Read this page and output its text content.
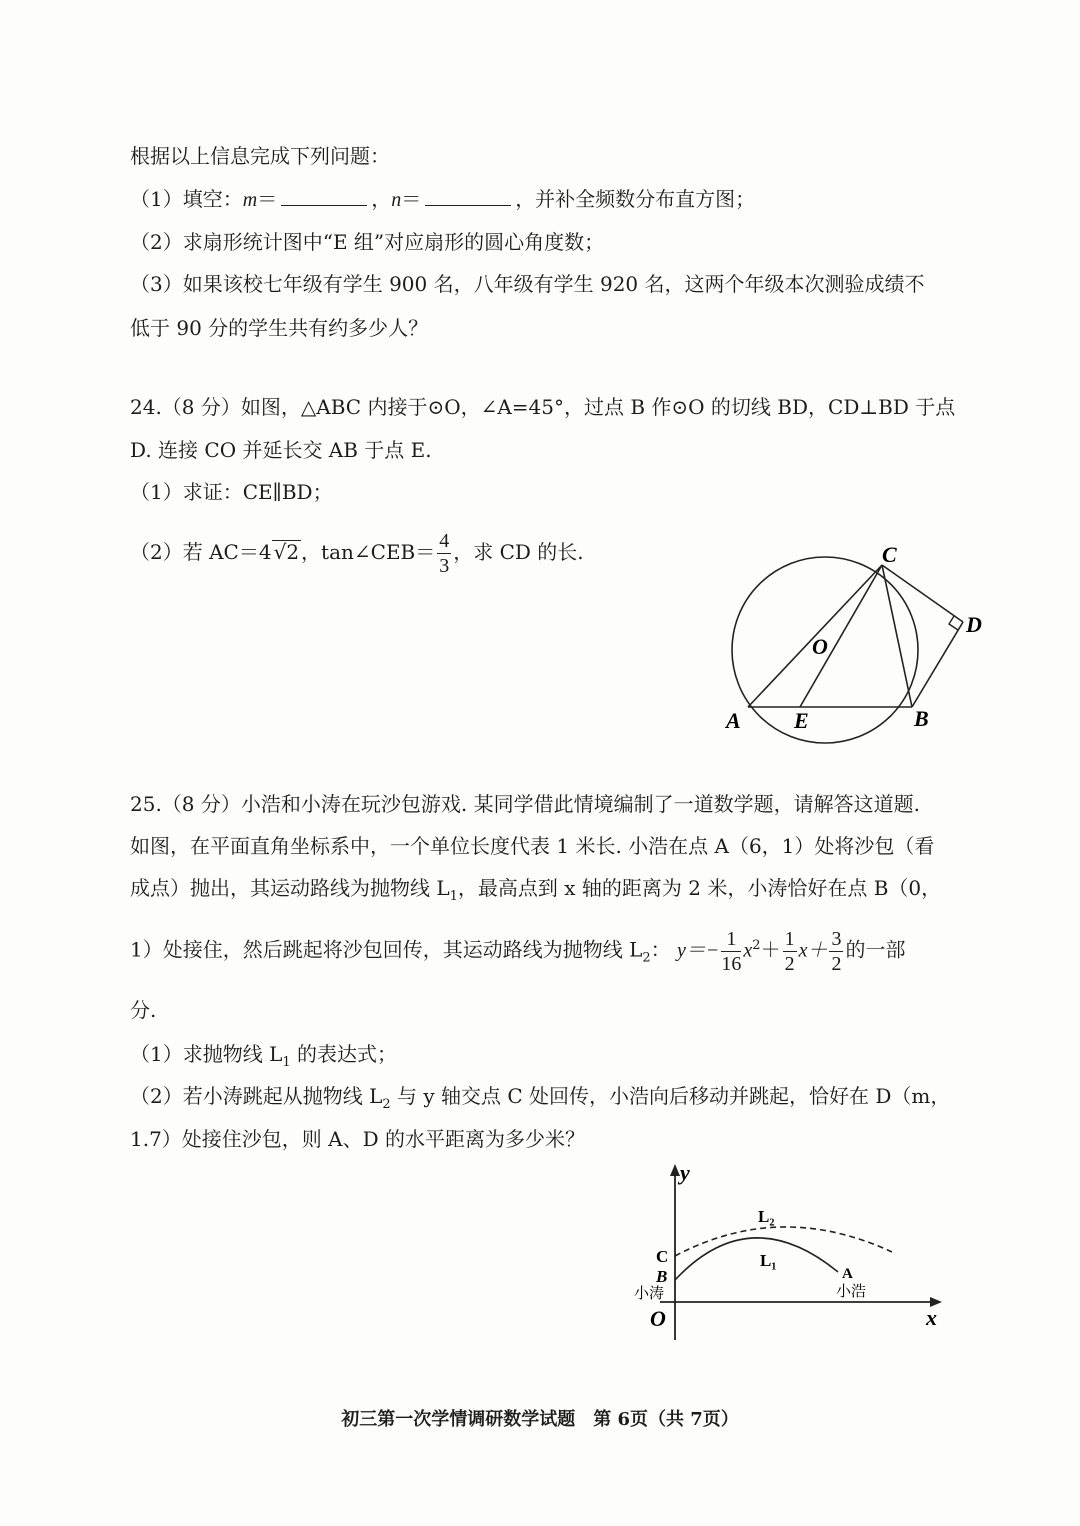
根据以上信息完成下列问题：
（1）填空：m＝	，n＝	，并补全频数分布直方图；
（2）求扇形统计图中“E 组”对应扇形的圆心角度数；
（3）如果该校七年级有学生 900 名，八年级有学生 920 名，这两个年级本次测验成绩不
低于 90 分的学生共有约多少人？
24.（8 分）如图，△ABC 内接于⊙O，∠A=45°，过点 B 作⊙O 的切线 BD，CD⊥BD 于点
D. 连接 CO 并延长交 AB 于点 E.
（1）求证：CE∥BD；
（2）若 AC＝4 √2 ，tan∠CEB＝ $\frac{4}{3}$ ，求 CD 的长.	C
D
O
A E	B
25.（8 分）小浩和小涛在玩沙包游戏. 某同学借此情境编制了一道数学题，请解答这道题.
如图，在平面直角坐标系中，一个单位长度代表 1 米长. 小浩在点 A（6，1）处将沙包（看
成点）抛出，其运动路线为抛物线 $L_1$，最高点到 x 轴的距离为 2 米，小涛恰好在点 B（0，
1）处接住，然后跳起将沙包回传，其运动路线为抛物线 $L_2$： $y=- \frac{1}{16} x^2+ \frac{1}{2} x+ \frac{3}{2}$ 的一部
分.
（1）求抛物线 $L_1$ 的表达式；
（2）若小涛跳起从抛物线 $L_2$ 与 y 轴交点 C 处回传，小浩向后移动并跳起，恰好在 D（m，
1.7）处接住沙包，则 A、D 的水平距离为多少米？
y
x
O
L₂
L₁
C
B	A
小涛	小浩
初三第一次学情调研数学试题　第 6页（共 7页）
